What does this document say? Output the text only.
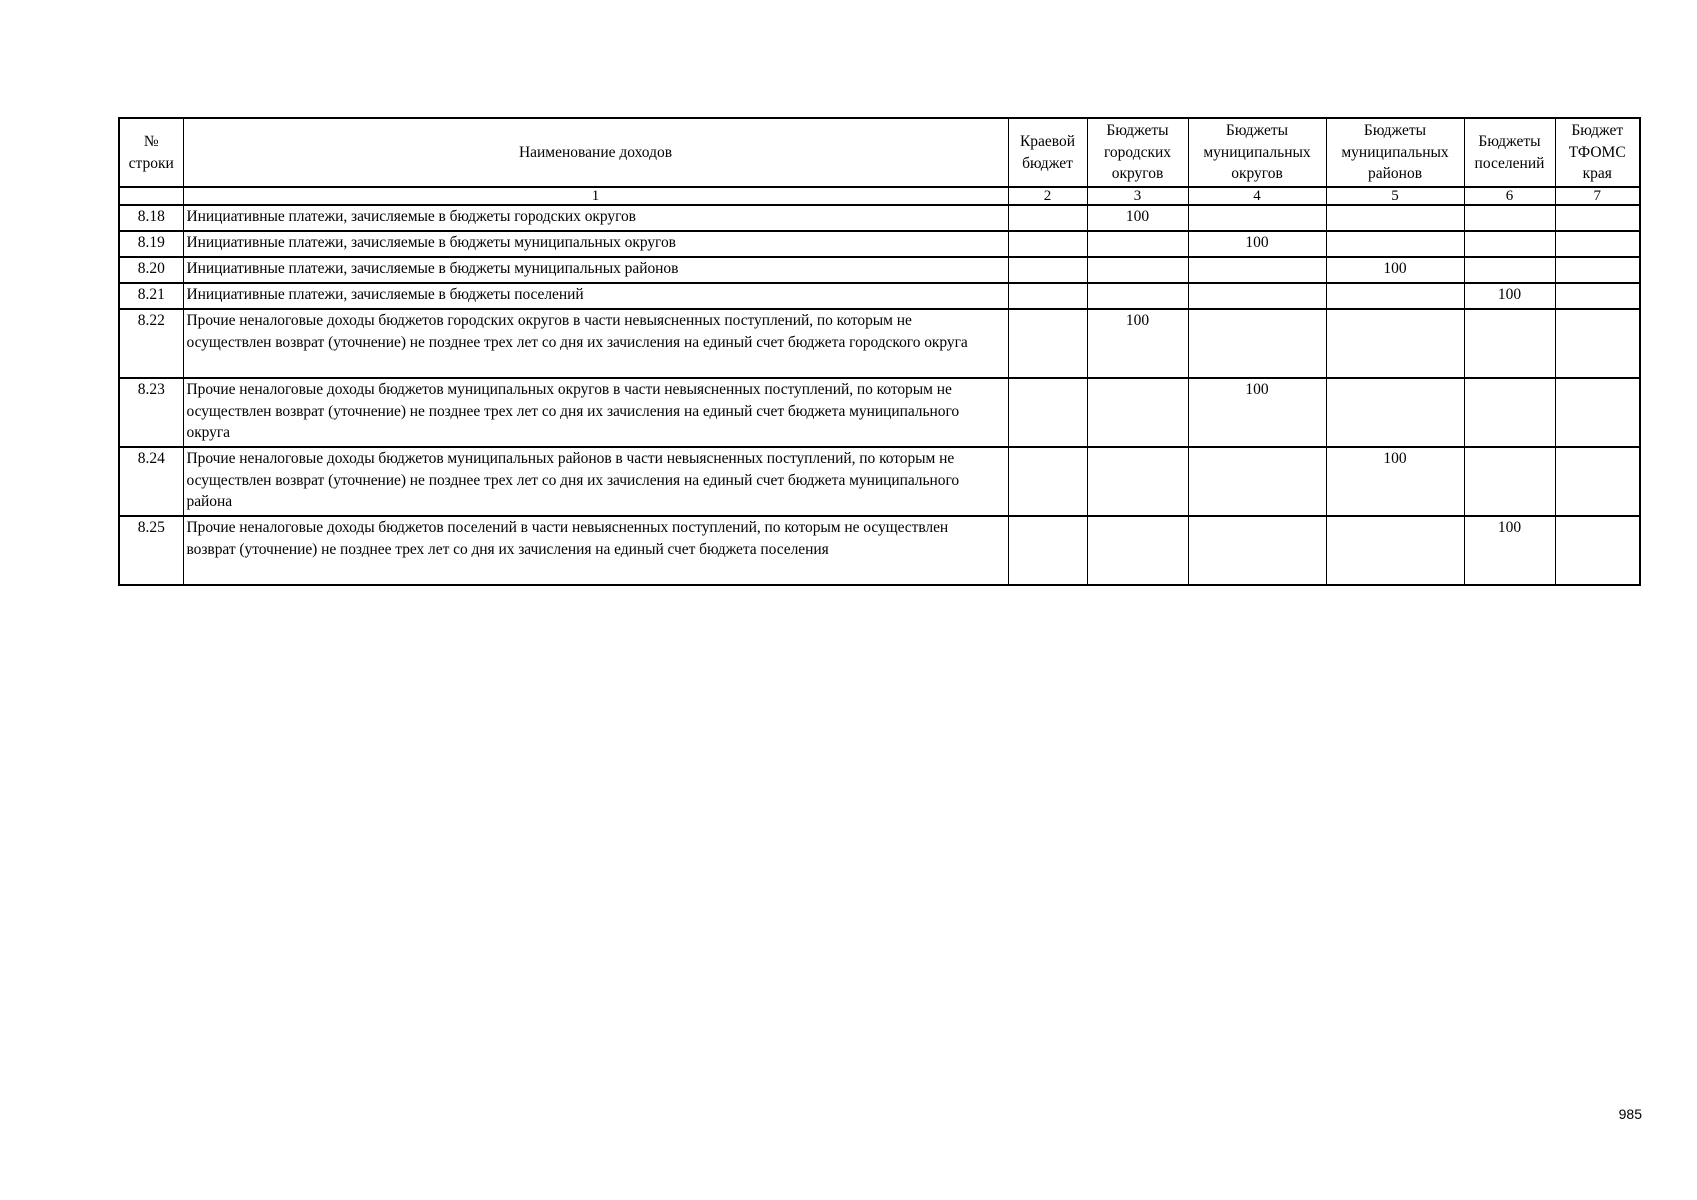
№ строки	Наименование доходов	Краевой бюджет	Бюджеты городских округов	Бюджеты муниципальных округов	Бюджеты муниципальных районов	Бюджеты поселений	Бюджет ТФОМС края
	1	2	3	4	5	6	7
8.18	Инициативные платежи, зачисляемые в бюджеты городских округов		100				
8.19	Инициативные платежи, зачисляемые в бюджеты муниципальных округов			100			
8.20	Инициативные платежи, зачисляемые в бюджеты муниципальных районов				100		
8.21	Инициативные платежи, зачисляемые в бюджеты поселений					100	
8.22	Прочие неналоговые доходы бюджетов городских округов в части невыясненных поступлений, по которым не осуществлен возврат (уточнение) не позднее трех лет со дня их зачисления на единый счет бюджета городского округа		100				
8.23	Прочие неналоговые доходы бюджетов муниципальных округов в части невыясненных поступлений, по которым не осуществлен возврат (уточнение) не позднее трех лет со дня их зачисления на единый счет бюджета муниципального округа			100			
8.24	Прочие неналоговые доходы бюджетов муниципальных районов в части невыясненных поступлений, по которым не осуществлен возврат (уточнение) не позднее трех лет со дня их зачисления на единый счет бюджета муниципального района				100		
8.25	Прочие неналоговые доходы бюджетов поселений в части невыясненных поступлений, по которым не осуществлен возврат (уточнение) не позднее трех лет со дня их зачисления на единый счет бюджета поселения					100	
985
